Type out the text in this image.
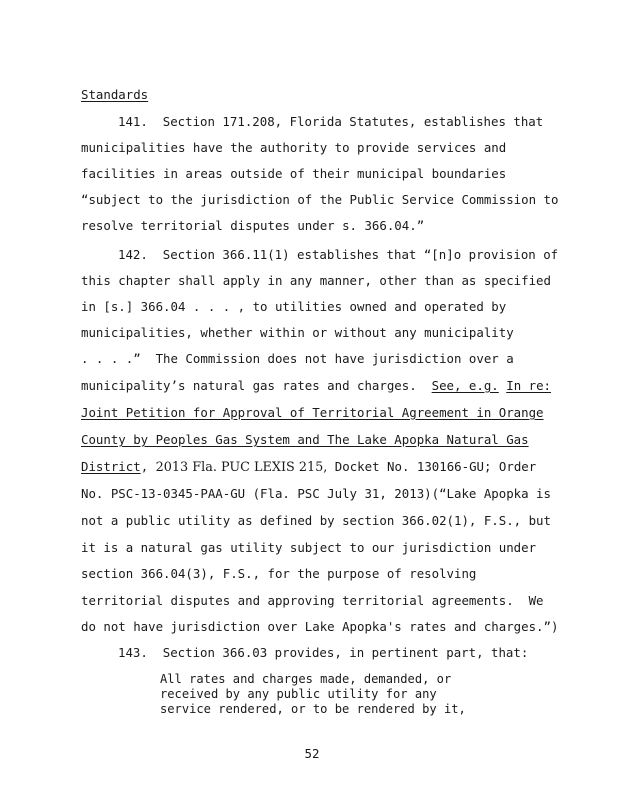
Standards
141.  Section 171.208, Florida Statutes, establishes that
municipalities have the authority to provide services and
facilities in areas outside of their municipal boundaries
“subject to the jurisdiction of the Public Service Commission to
resolve territorial disputes under s. 366.04.”
142.  Section 366.11(1) establishes that “[n]o provision of
this chapter shall apply in any manner, other than as specified
in [s.] 366.04 . . . , to utilities owned and operated by
municipalities, whether within or without any municipality
. . . .”  The Commission does not have jurisdiction over a
municipality’s natural gas rates and charges.  See, e.g. In re:
Joint Petition for Approval of Territorial Agreement in Orange
County by Peoples Gas System and The Lake Apopka Natural Gas
District, 2013 Fla. PUC LEXIS 215, Docket No. 130166-GU; Order
No. PSC-13-0345-PAA-GU (Fla. PSC July 31, 2013)(“Lake Apopka is
not a public utility as defined by section 366.02(1), F.S., but
it is a natural gas utility subject to our jurisdiction under
section 366.04(3), F.S., for the purpose of resolving
territorial disputes and approving territorial agreements.  We
do not have jurisdiction over Lake Apopka's rates and charges.”)
143.  Section 366.03 provides, in pertinent part, that:
All rates and charges made, demanded, or
received by any public utility for any
service rendered, or to be rendered by it,
52
